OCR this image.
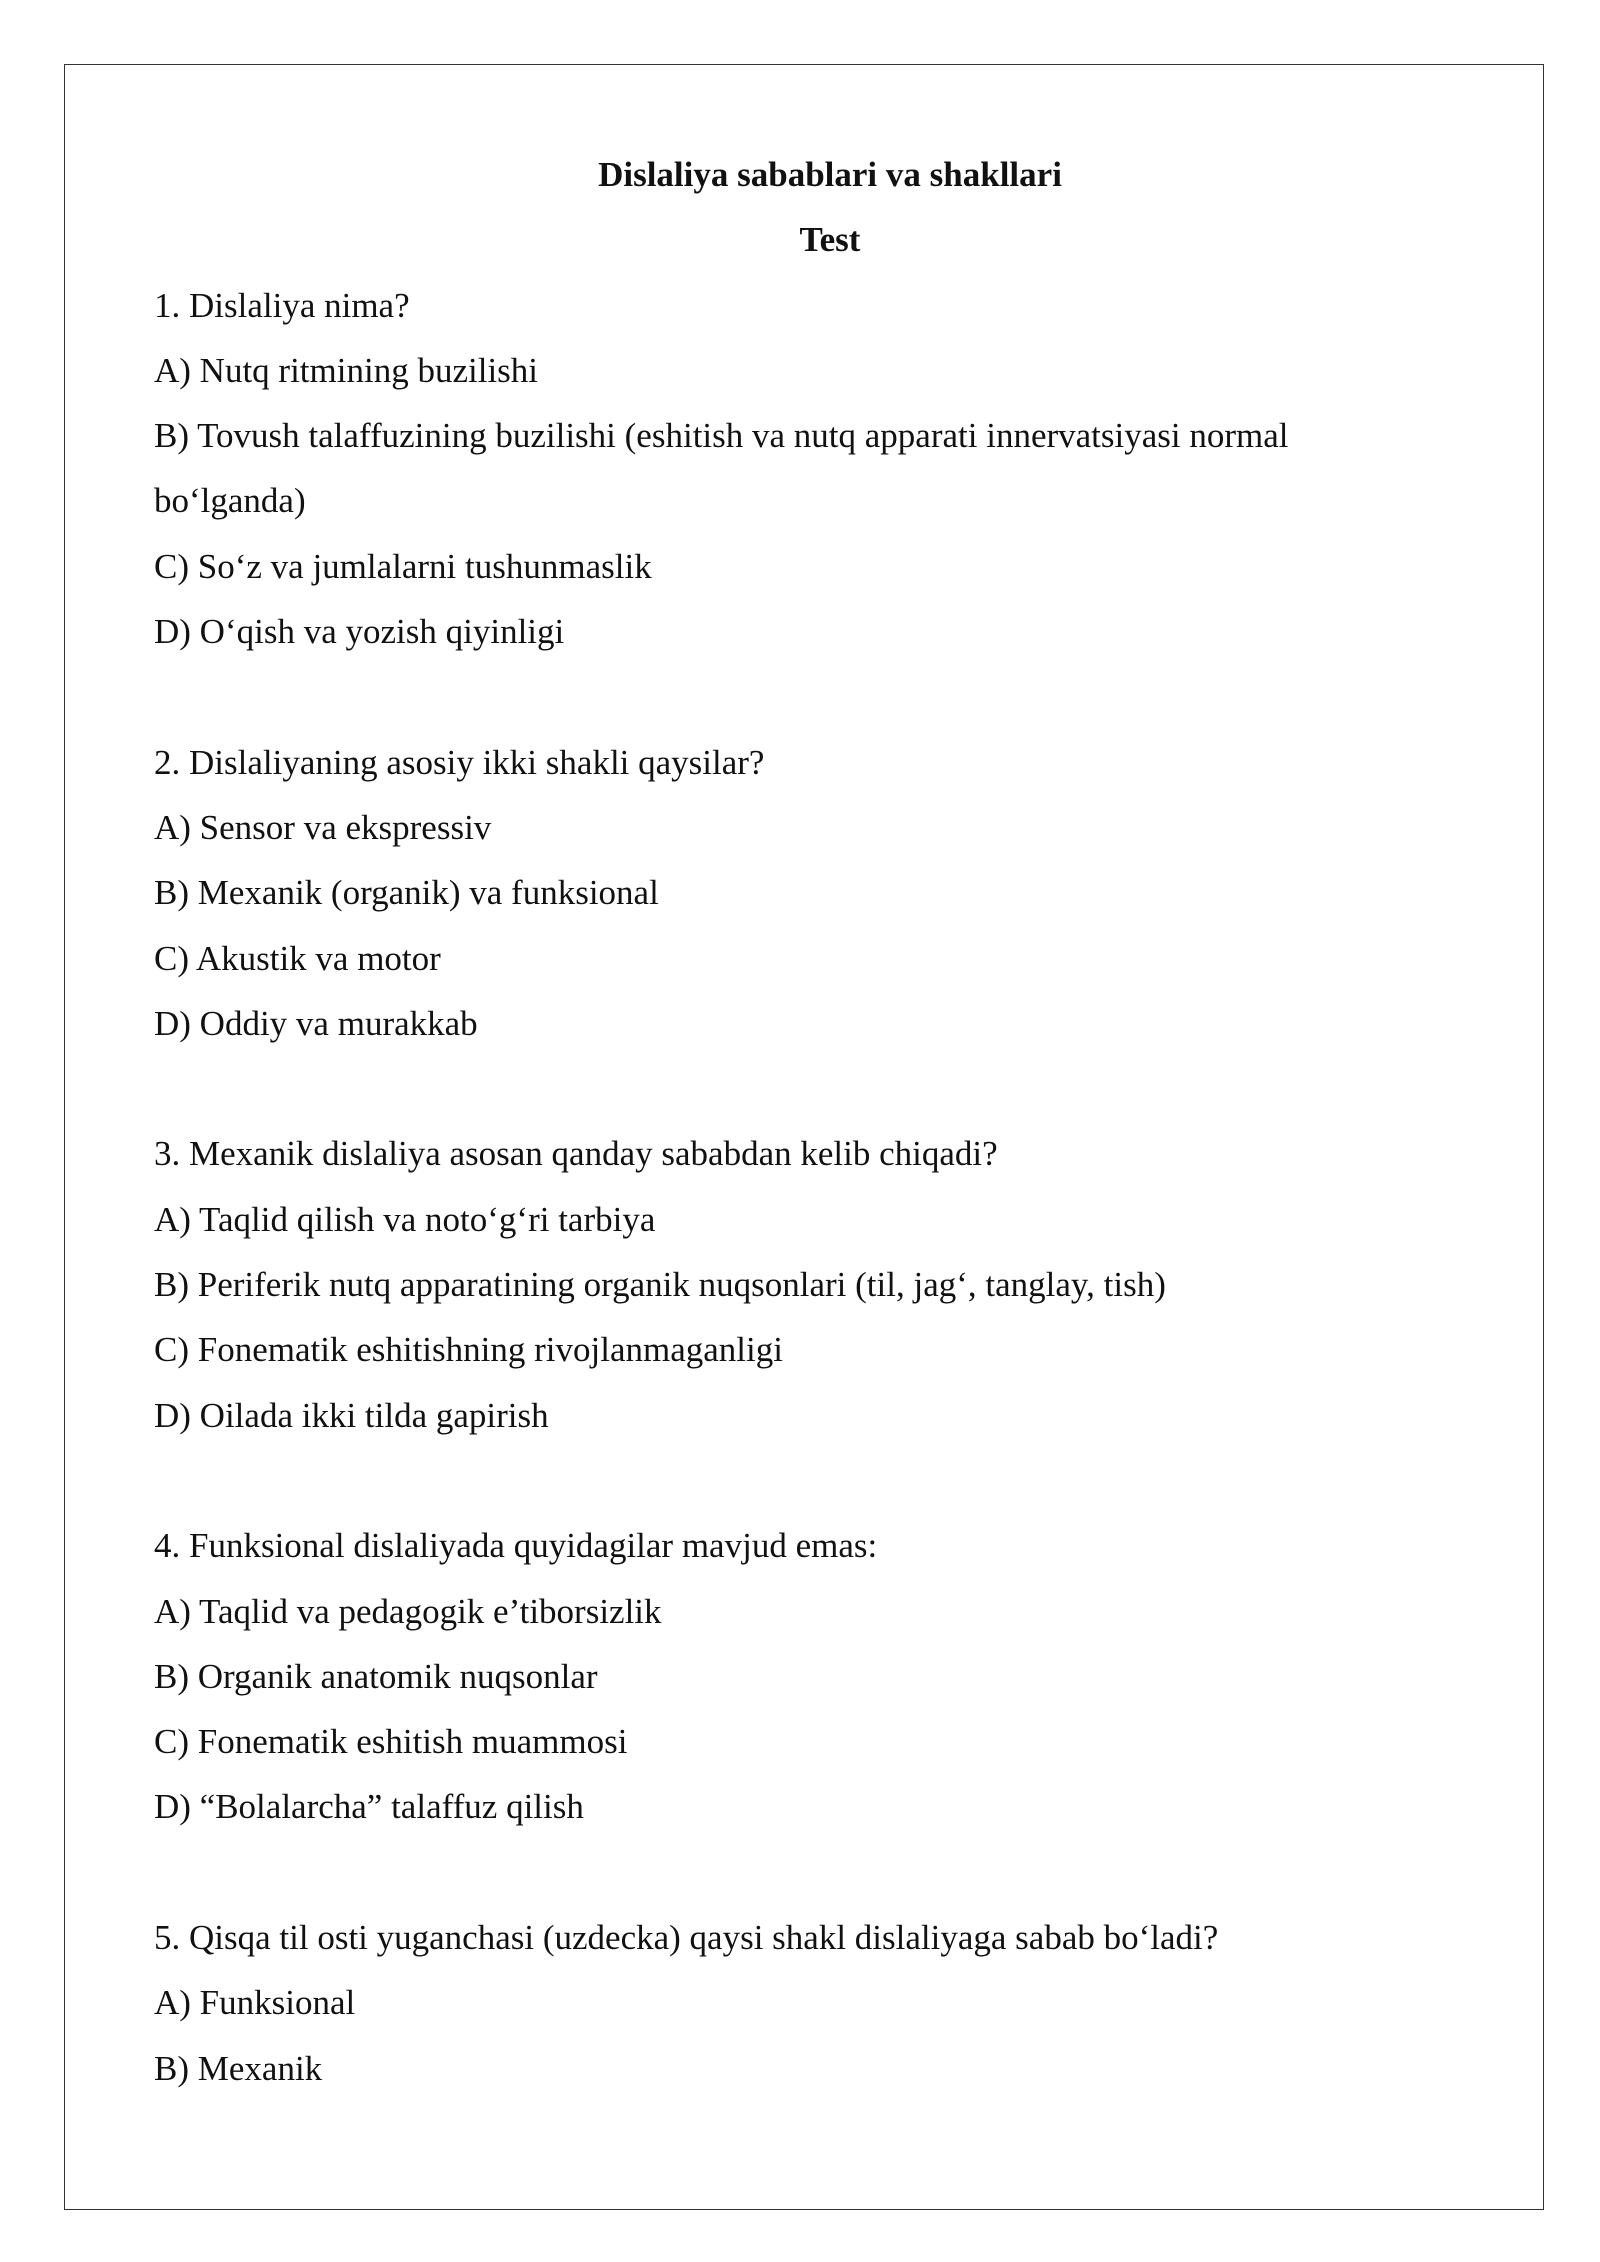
Dislaliya sabablari va shakllari
Test
1. Dislaliya nima?
A) Nutq ritmining buzilishi
B) Tovush talaffuzining buzilishi (eshitish va nutq apparati innervatsiyasi normal
bo‘lganda)
C) So‘z va jumlalarni tushunmaslik
D) O‘qish va yozish qiyinligi
2. Dislaliyaning asosiy ikki shakli qaysilar?
A) Sensor va ekspressiv
B) Mexanik (organik) va funksional
C) Akustik va motor
D) Oddiy va murakkab
3. Mexanik dislaliya asosan qanday sababdan kelib chiqadi?
A) Taqlid qilish va noto‘g‘ri tarbiya
B) Periferik nutq apparatining organik nuqsonlari (til, jag‘, tanglay, tish)
C) Fonematik eshitishning rivojlanmaganligi
D) Oilada ikki tilda gapirish
4. Funksional dislaliyada quyidagilar mavjud emas:
A) Taqlid va pedagogik e’tiborsizlik
B) Organik anatomik nuqsonlar
C) Fonematik eshitish muammosi
D) “Bolalarcha” talaffuz qilish
5. Qisqa til osti yuganchasi (uzdecka) qaysi shakl dislaliyaga sabab bo‘ladi?
A) Funksional
B) Mexanik
